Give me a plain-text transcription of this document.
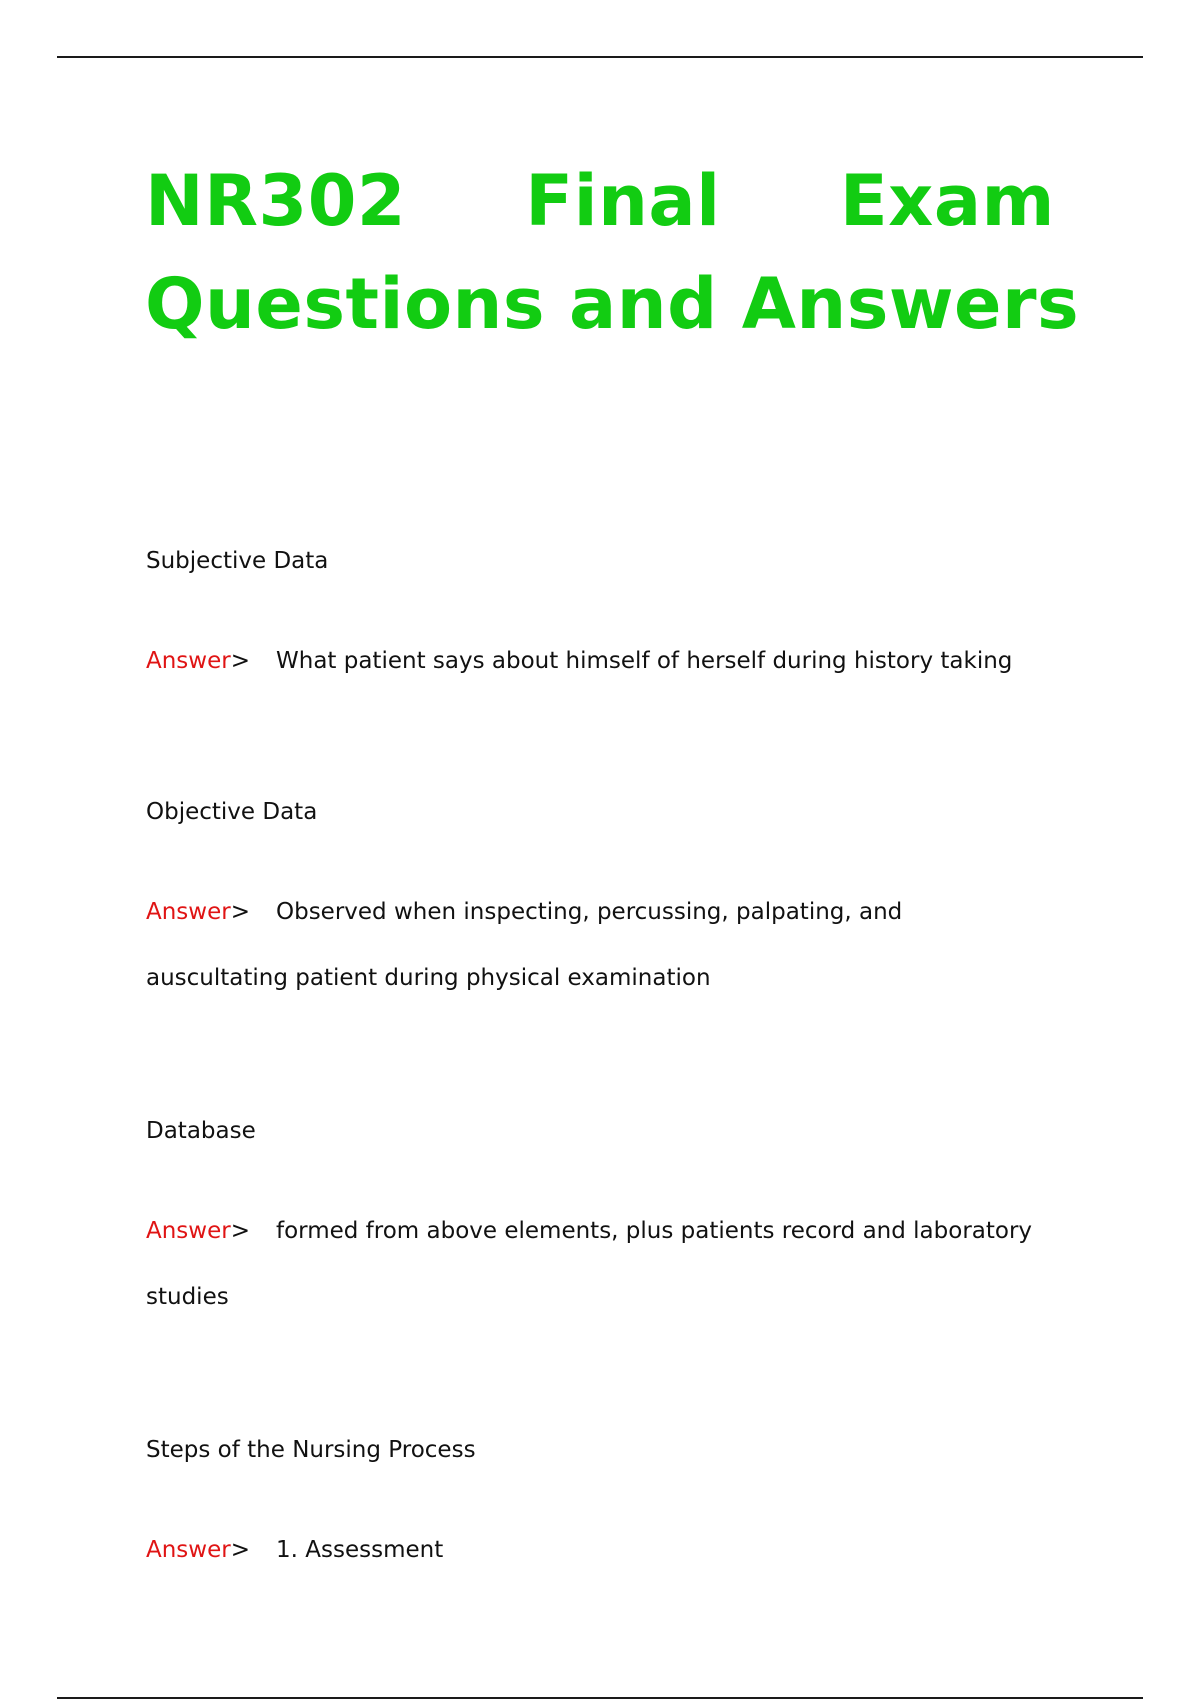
NR302 Final Exam
Questions and Answers

Subjective Data

Answer> What patient says about himself of herself during history taking

Objective Data

Answer> Observed when inspecting, percussing, palpating, and auscultating patient during physical examination

Database

Answer> formed from above elements, plus patients record and laboratory studies

Steps of the Nursing Process

Answer> 1. Assessment
